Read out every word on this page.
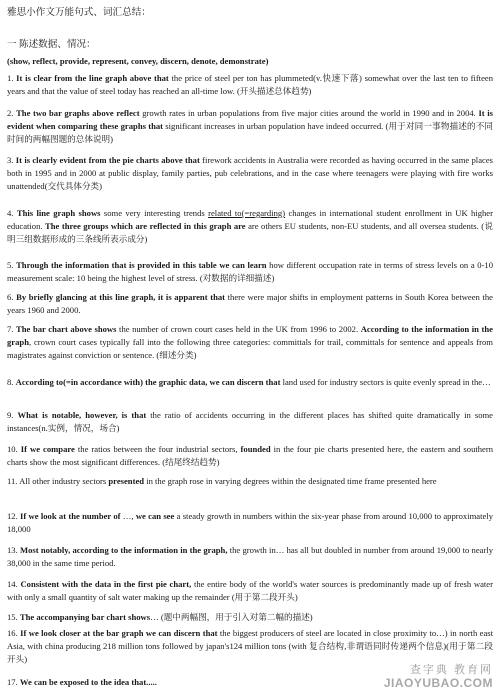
雅思小作文万能句式、词汇总结：
一 陈述数据、情况：
(show, reflect, provide, represent, convey, discern, denote, demonstrate)
1. It is clear from the line graph above that the price of steel per ton has plummeted(v.快速下落) somewhat over the last ten to fifteen years and that the value of steel today has reached an all-time low. (开头描述总体趋势)
2. The two bar graphs above reflect growth rates in urban populations from five major cities around the world in 1990 and in 2004. It is evident when comparing these graphs that significant increases in urban population have indeed occurred. (用于对同一事物描述的不同时间的两幅图题的总体说明)
3. It is clearly evident from the pie charts above that firework accidents in Australia were recorded as having occurred in the same places both in 1995 and in 2000 at public display, family parties, pub celebrations, and in the case where teenagers were playing with fire works unattended(交代具体分类)
4. This line graph shows some very interesting trends related to(=regarding) changes in international student enrollment in UK higher education. The three groups which are reflected in this graph are are others EU students, non-EU students, and all oversea students. (说明三组数据形成的三条线所表示成分)
5. Through the information that is provided in this table we can learn how different occupation rate in terms of stress levels on a 0-10 measurement scale: 10 being the highest level of stress. (对数据的详细描述)
6. By briefly glancing at this line graph, it is apparent that there were major shifts in employment patterns in South Korea between the years 1960 and 2000.
7. The bar chart above shows the number of crown court cases held in the UK from 1996 to 2002. According to the information in the graph, crown court cases typically fall into the following three categories: committals for trail, committals for sentence and appeals from magistrates against conviction or sentence. (细述分类)
8. According to(=in accordance with) the graphic data, we can discern that land used for industry sectors is quite evenly spread in the…
9. What is notable, however, is that the ratio of accidents occurring in the different places has shifted quite dramatically in some instances(n.实例，情况，场合)
10. If we compare the ratios between the four industrial sectors, founded in the four pie charts presented here, the eastern and southern charts show the most significant differences. (结尾终结趋势)
11. All other industry sectors presented in the graph rose in varying degrees within the designated time frame presented here
12. If we look at the number of …, we can see a steady growth in numbers within the six-year phase from around 10,000 to approximately 18,000
13. Most notably, according to the information in the graph, the growth in… has all but doubled in number from around 19,000 to nearly 38,000 in the same time period.
14. Consistent with the data in the first pie chart, the entire body of the world's water sources is predominantly made up of fresh water with only a small quantity of salt water making up the remainder (用于第二段开头)
15. The accompanying bar chart shows… (题中两幅图，用于引入对第二幅的描述)
16. If we look closer at the bar graph we can discern that the biggest producers of steel are located in close proximity to…) in north east Asia, with china producing 218 million tons followed by japan's124 million tons (with 复合结构,非谓语同时传递两个信息)(用于第二段开头)
17. We can be exposed to the idea that.....
查字典 教育网
JIAOYUBAO.COM
